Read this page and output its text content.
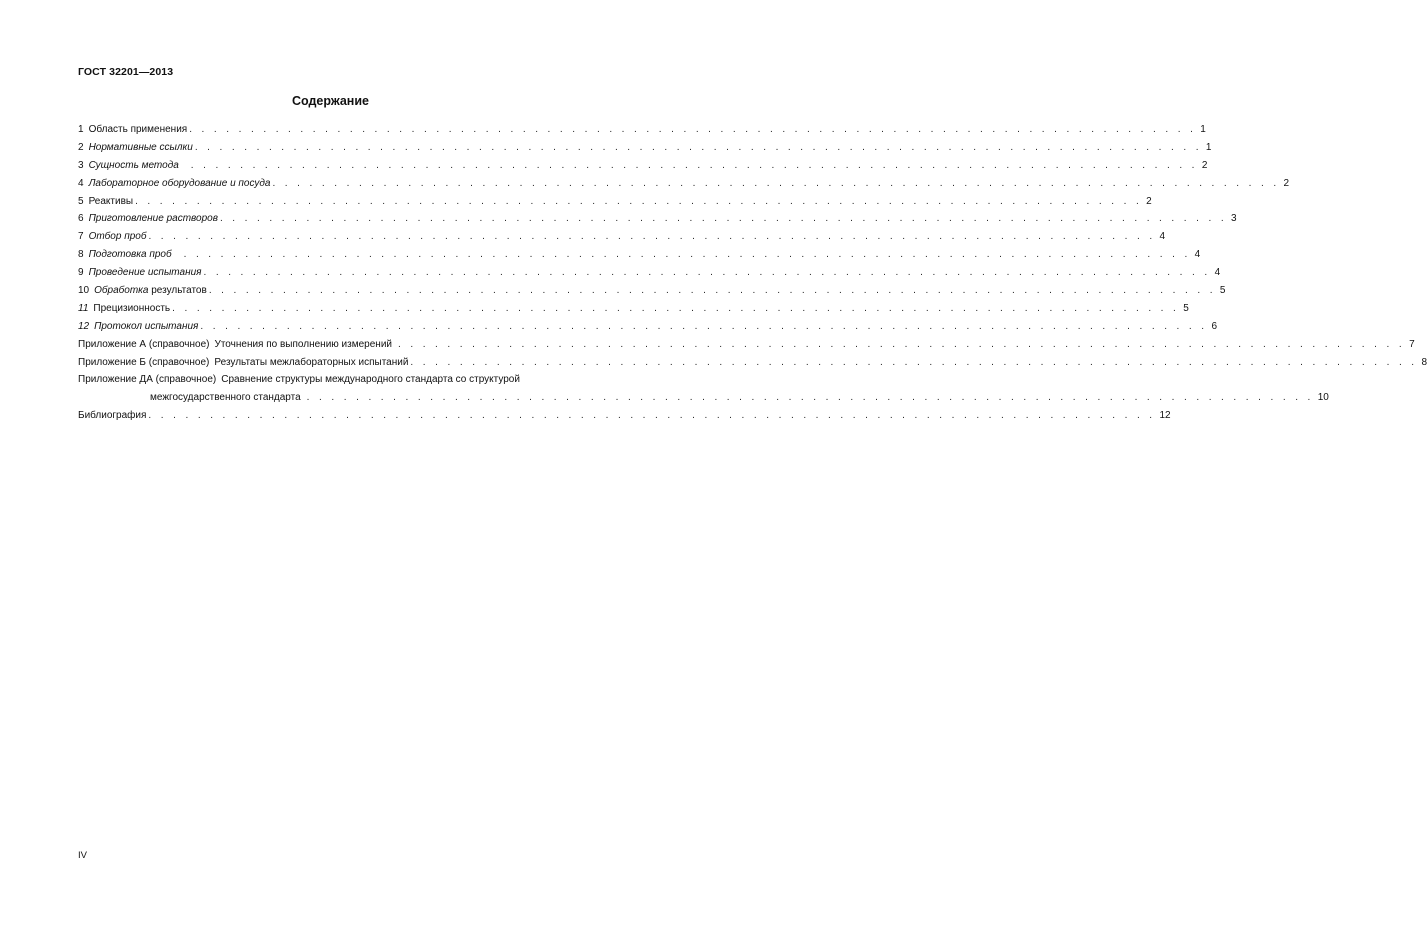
ГОСТ 32201—2013
Содержание
1 Область применения . . . . . . . . . . . . . . . . . . . . . . . . . . . . . . . . . . . . . . . . . . . . . . . . . . . . . . . . . . . . . . . . . . . . . . . . . . . . . . . . . . 1
2 Нормативные ссылки . . . . . . . . . . . . . . . . . . . . . . . . . . . . . . . . . . . . . . . . . . . . . . . . . . . . . . . . . . . . . . . . . . . . . . . . . . . . . . . . . . 1
3 Сущность метода . . . . . . . . . . . . . . . . . . . . . . . . . . . . . . . . . . . . . . . . . . . . . . . . . . . . . . . . . . . . . . . . . . . . . . . . . . . . . . . . . . 2
4 Лабораторное оборудование и посуда . . . . . . . . . . . . . . . . . . . . . . . . . . . . . . . . . . . . . . . . . . . . . . . . . . . . . . . . . . . . . . . . . . . . . . . . . . . . . . . . . . 2
5 Реактивы . . . . . . . . . . . . . . . . . . . . . . . . . . . . . . . . . . . . . . . . . . . . . . . . . . . . . . . . . . . . . . . . . . . . . . . . . . . . . . . . . . 2
6 Приготовление растворов . . . . . . . . . . . . . . . . . . . . . . . . . . . . . . . . . . . . . . . . . . . . . . . . . . . . . . . . . . . . . . . . . . . . . . . . . . . . . . . . . . 3
7 Отбор проб . . . . . . . . . . . . . . . . . . . . . . . . . . . . . . . . . . . . . . . . . . . . . . . . . . . . . . . . . . . . . . . . . . . . . . . . . . . . . . . . . . 4
8 Подготовка проб . . . . . . . . . . . . . . . . . . . . . . . . . . . . . . . . . . . . . . . . . . . . . . . . . . . . . . . . . . . . . . . . . . . . . . . . . . . . . . . . . . 4
9 Проведение испытания . . . . . . . . . . . . . . . . . . . . . . . . . . . . . . . . . . . . . . . . . . . . . . . . . . . . . . . . . . . . . . . . . . . . . . . . . . . . . . . . . . 4
10 Обработка результатов . . . . . . . . . . . . . . . . . . . . . . . . . . . . . . . . . . . . . . . . . . . . . . . . . . . . . . . . . . . . . . . . . . . . . . . . . . . . . . . . . . 5
11 Прецизионность . . . . . . . . . . . . . . . . . . . . . . . . . . . . . . . . . . . . . . . . . . . . . . . . . . . . . . . . . . . . . . . . . . . . . . . . . . . . . . . . . . 5
12 Протокол испытания . . . . . . . . . . . . . . . . . . . . . . . . . . . . . . . . . . . . . . . . . . . . . . . . . . . . . . . . . . . . . . . . . . . . . . . . . . . . . . . . . . 6
Приложение А (справочное) Уточнения по выполнению измерений . . . . . . . . . . . . . . . . . . . . . . . . . . . . . . . . . . . . . . . . . . . . . . . . . . . . . . . . . . . . . . . . . . . . . . . . . . . . . . . . . . 7
Приложение Б (справочное) Результаты межлабораторных испытаний . . . . . . . . . . . . . . . . . . . . . . . . . . . . . . . . . . . . . . . . . . . . . . . . . . . . . . . . . . . . . . . . . . . . . . . . . . . . . . . . . . 8
Приложение ДА (справочное) Сравнение структуры международного стандарта со структурой
межгосударственного стандарта . . . . . . . . . . . . . . . . . . . . . . . . . . . . . . . . . . . . . . . . . . . . . . . . . . . . . . . . . . . . . . . . . . . . . . . . . . . . . . . . . . 10
Библиография . . . . . . . . . . . . . . . . . . . . . . . . . . . . . . . . . . . . . . . . . . . . . . . . . . . . . . . . . . . . . . . . . . . . . . . . . . . . . . . . . . 12
IV
